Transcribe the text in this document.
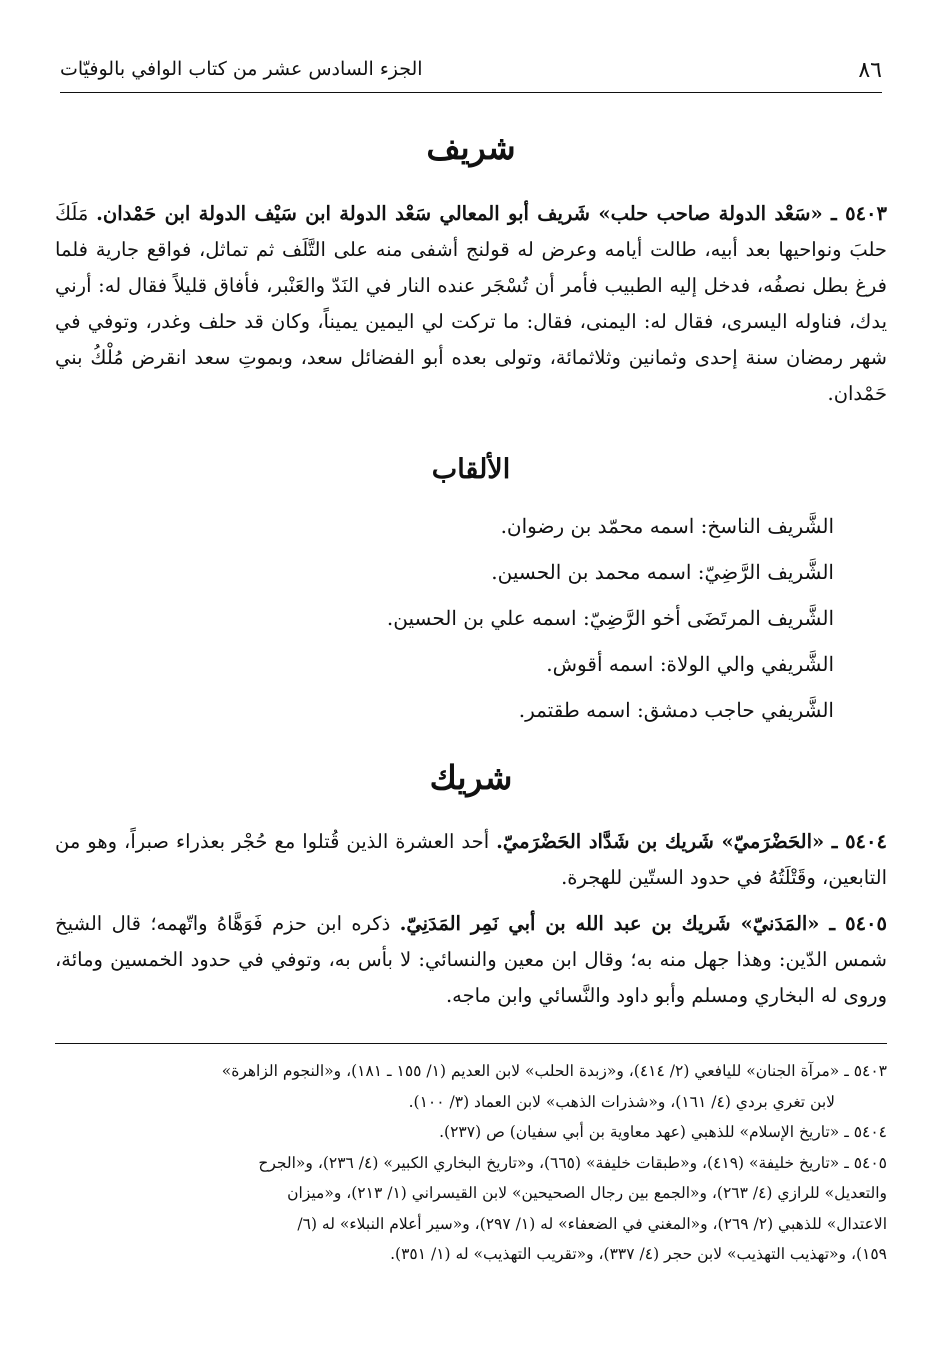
٨٦
الجزء السادس عشر من كتاب الوافي بالوفيّات
شريف
٥٤٠٣ ـ «سَعْد الدولة صاحب حلب» شَريف أبو المعالي سَعْد الدولة ابن سَيْف الدولة ابن حَمْدان. مَلَكَ حلبَ ونواحيها بعد أبيه، طالت أيامه وعرض له قولنج أشفى منه على التَّلَف ثم تماثل، فواقع جارية فلما فرغ بطل نصفُه، فدخل إليه الطبيب فأمر أن تُسْجَر عنده النار في النَدّ والعَنْبر، فأفاق قليلاً فقال له: أرني يدك، فناوله اليسرى، فقال له: اليمنى، فقال: ما تركت لي اليمين يميناً، وكان قد حلف وغدر، وتوفي في شهر رمضان سنة إحدى وثمانين وثلاثمائة، وتولى بعده أبو الفضائل سعد، وبموتِ سعد انقرض مُلْكُ بني حَمْدان.
الألقاب
الشَّريف الناسخ: اسمه محمّد بن رضوان.
الشَّريف الرَّضِيّ: اسمه محمد بن الحسين.
الشَّريف المرتَضَى أخو الرَّضِيّ: اسمه علي بن الحسين.
الشَّريفي والي الولاة: اسمه أقوش.
الشَّريفي حاجب دمشق: اسمه طقتمر.
شريك
٥٤٠٤ ـ «الحَضْرَميّ» شَريك بن شَدَّاد الحَضْرَميّ. أحد العشرة الذين قُتلوا مع حُجْر بعذراء صبراً، وهو من التابعين، وقَتْلَتُهُ في حدود الستّين للهجرة.
٥٤٠٥ ـ «المَدَنيّ» شَريك بن عبد الله بن أبي نَمِر المَدَنِيّ. ذكره ابن حزم فَوَهَّاهُ واتّهمه؛ قال الشيخ شمس الدّين: وهذا جهل منه به؛ وقال ابن معين والنسائي: لا بأس به، وتوفي في حدود الخمسين ومائة، وروى له البخاري ومسلم وأبو داود والنَّسائي وابن ماجه.
٥٤٠٣ ـ «مرآة الجنان» لليافعي (٢/ ٤١٤)، و«زبدة الحلب» لابن العديم (١/ ١٥٥ ـ ١٨١)، و«النجوم الزاهرة»
لابن تغري بردي (٤/ ١٦١)، و«شذرات الذهب» لابن العماد (٣/ ١٠٠).
٥٤٠٤ ـ «تاريخ الإسلام» للذهبي (عهد معاوية بن أبي سفيان) ص (٢٣٧).
٥٤٠٥ ـ «تاريخ خليفة» (٤١٩)، و«طبقات خليفة» (٦٦٥)، و«تاريخ البخاري الكبير» (٤/ ٢٣٦)، و«الجرح
والتعديل» للرازي (٤/ ٢٦٣)، و«الجمع بين رجال الصحيحين» لابن القيسراني (١/ ٢١٣)، و«ميزان
الاعتدال» للذهبي (٢/ ٢٦٩)، و«المغني في الضعفاء» له (١/ ٢٩٧)، و«سير أعلام النبلاء» له (٦/
١٥٩)، و«تهذيب التهذيب» لابن حجر (٤/ ٣٣٧)، و«تقريب التهذيب» له (١/ ٣٥١).
